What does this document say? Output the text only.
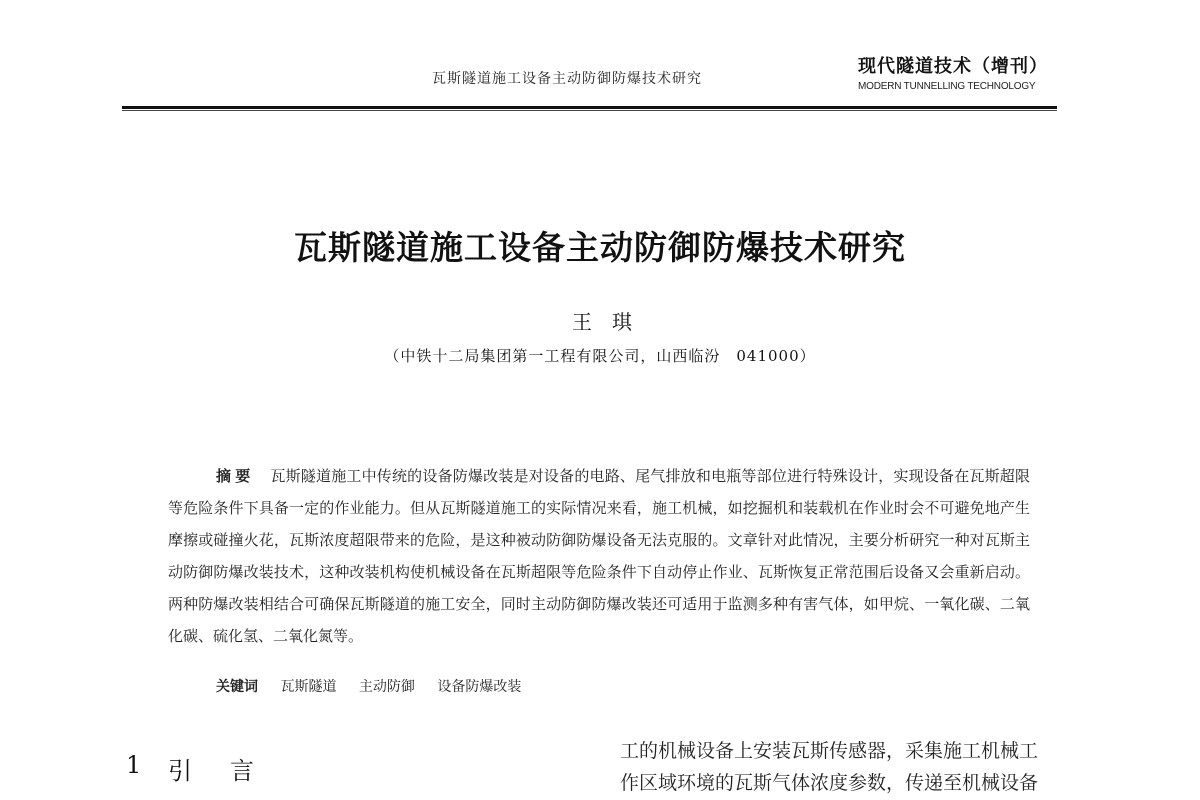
瓦斯隧道施工设备主动防御防爆技术研究
现代隧道技术（增刊）
MODERN TUNNELLING TECHNOLOGY
瓦斯隧道施工设备主动防御防爆技术研究
王琪
（中铁十二局集团第一工程有限公司，山西临汾　041000）
摘要 瓦斯隧道施工中传统的设备防爆改装是对设备的电路、尾气排放和电瓶等部位进行特殊设计，实现设备在瓦斯超限等危险条件下具备一定的作业能力。但从瓦斯隧道施工的实际情况来看，施工机械，如挖掘机和装载机在作业时会不可避免地产生摩擦或碰撞火花，瓦斯浓度超限带来的危险，是这种被动防御防爆设备无法克服的。文章针对此情况，主要分析研究一种对瓦斯主动防御防爆改装技术，这种改装机构使机械设备在瓦斯超限等危险条件下自动停止作业、瓦斯恢复正常范围后设备又会重新启动。两种防爆改装相结合可确保瓦斯隧道的施工安全，同时主动防御防爆改装还可适用于监测多种有害气体，如甲烷、一氧化碳、二氧化碳、硫化氢、二氧化氮等。
关键词 瓦斯隧道 主动防御 设备防爆改装
1 引言
工的机械设备上安装瓦斯传感器，采集施工机械工
作区域环境的瓦斯气体浓度参数，传递至机械设备
